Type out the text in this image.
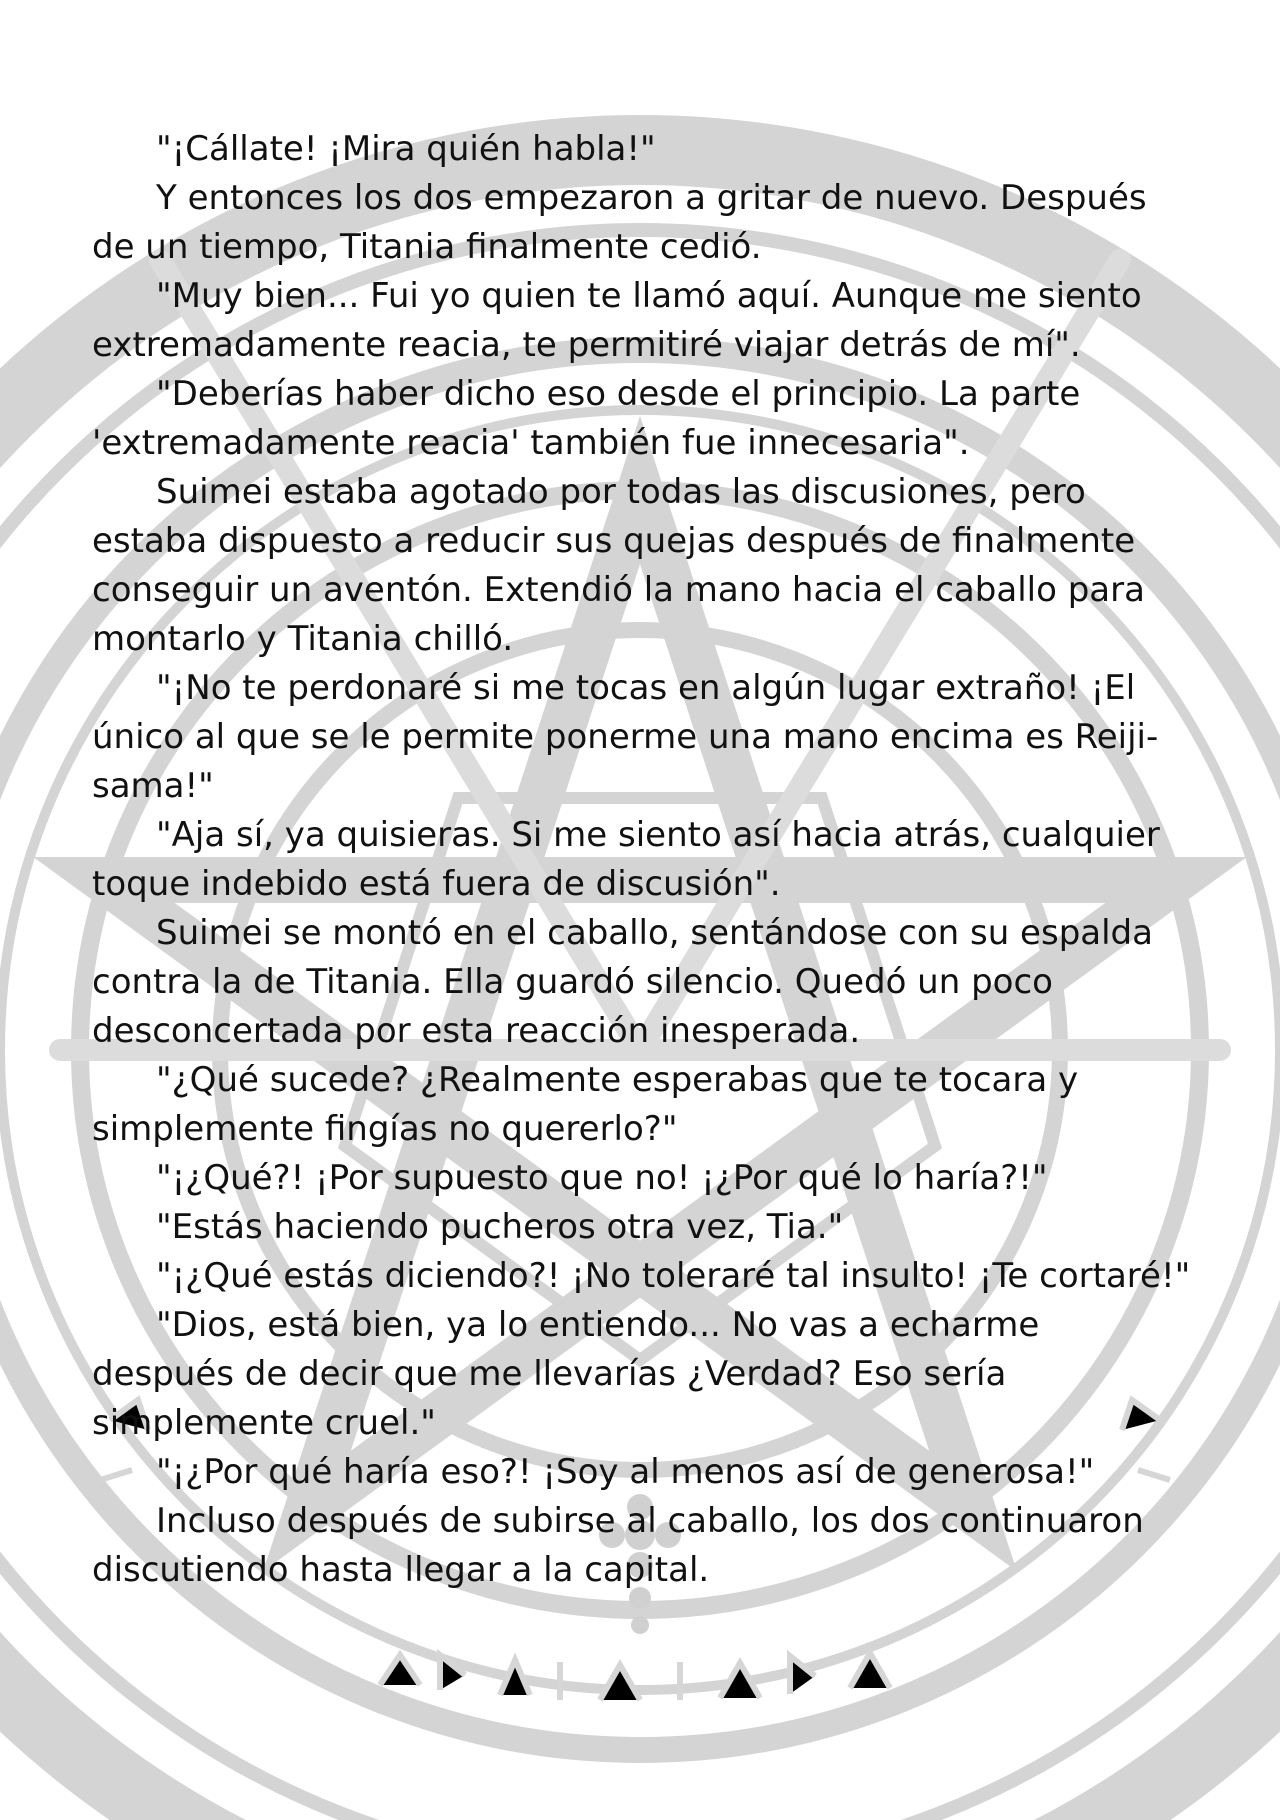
"¡Cállate! ¡Mira quién habla!"

Y entonces los dos empezaron a gritar de nuevo. Después de un tiempo, Titania finalmente cedió.

"Muy bien... Fui yo quien te llamó aquí. Aunque me siento extremadamente reacia, te permitiré viajar detrás de mí".

"Deberías haber dicho eso desde el principio. La parte 'extremadamente reacia' también fue innecesaria".

Suimei estaba agotado por todas las discusiones, pero estaba dispuesto a reducir sus quejas después de finalmente conseguir un aventón. Extendió la mano hacia el caballo para montarlo y Titania chilló.

"¡No te perdonaré si me tocas en algún lugar extraño! ¡El único al que se le permite ponerme una mano encima es Reiji-sama!"

"Aja sí, ya quisieras. Si me siento así hacia atrás, cualquier toque indebido está fuera de discusión".

Suimei se montó en el caballo, sentándose con su espalda contra la de Titania. Ella guardó silencio. Quedó un poco desconcertada por esta reacción inesperada.

"¿Qué sucede? ¿Realmente esperabas que te tocara y simplemente fingías no quererlo?"

"¡¿Qué?! ¡Por supuesto que no! ¡¿Por qué lo haría?!"

"Estás haciendo pucheros otra vez, Tia."

"¡¿Qué estás diciendo?! ¡No toleraré tal insulto! ¡Te cortaré!"

"Dios, está bien, ya lo entiendo... No vas a echarme después de decir que me llevarías ¿Verdad? Eso sería simplemente cruel."

"¡¿Por qué haría eso?! ¡Soy al menos así de generosa!"

Incluso después de subirse al caballo, los dos continuaron discutiendo hasta llegar a la capital.
